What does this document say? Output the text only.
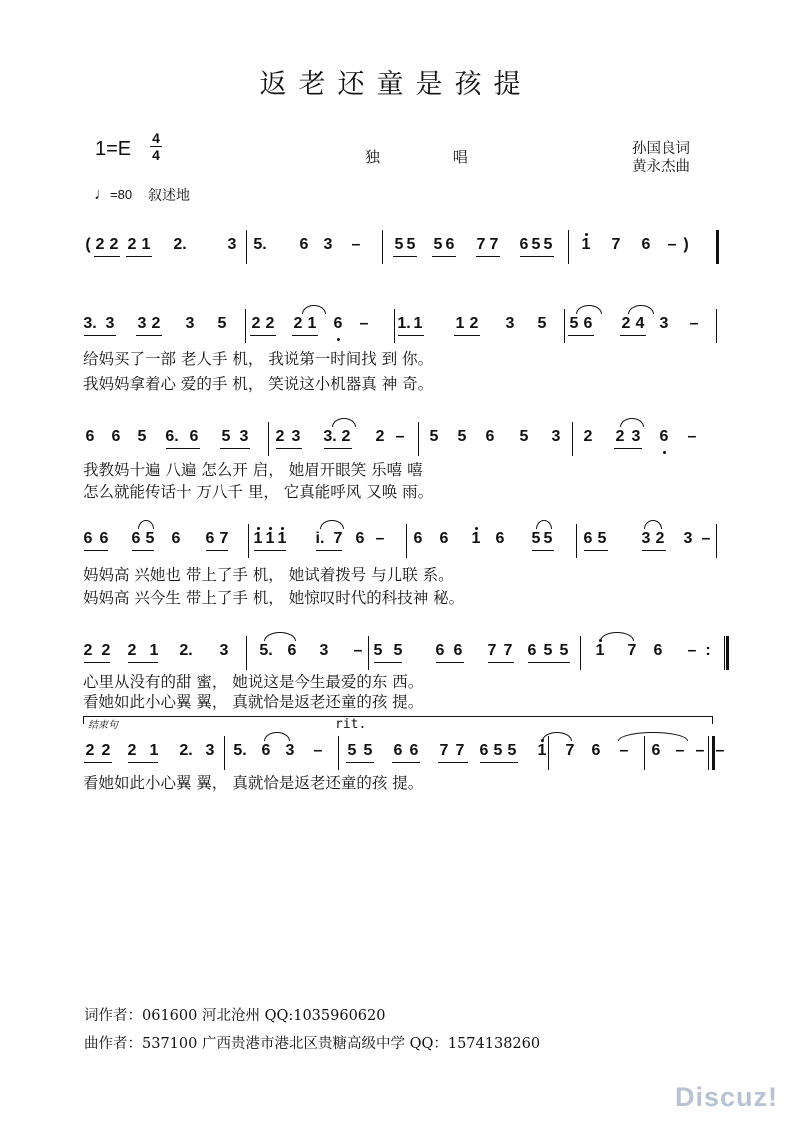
返老还童是孩提
1=E 4
4	独 唱	孙国良词
黄永杰曲
♩=80 叙述地
( 2 2 2 1 2.	3 5. 6 3 – 5 5 5 6 7 7 6 5 5 1 7 6 – )
3. 3 3 2 3 5 2 2 2 1 6 – 1. 1 1 2 3 5 5 6 2 4 3 –
给妈买了一部 老人手 机， 我说第一时间找 到 你。
我妈妈拿着心 爱的手 机， 笑说这小机器真 神 奇。
6 6 5 6. 6 5 3 2 3 3. 2 2 – 5 5 6 5 3 2 2 3 6 –
我教妈十遍 八遍 怎么开 启， 她眉开眼笑 乐嘻 嘻
怎么就能传话十 万八千 里， 它真能呼风 又唤 雨。
6 6 6 5 6 6 7 1 1 1 i. 7 6 – 6 6 1 6 5 5 6 5 3 2 3 –
妈妈高 兴她也 带上了手 机， 她试着拨号 与儿联 系。
妈妈高 兴今生 带上了手 机， 她惊叹时代的科技神 秘。
2 2 2 1 2. 3 5. 6 3 – 5 5 6 6 7 7 6 5 5 1 7 6 – :
心里从没有的甜 蜜， 她说这是今生最爱的东 西。
看她如此小心翼 翼， 真就恰是返老还童的孩 提。
结束句	rit.
2 2 2 1 2. 3 5. 6 3 – 5 5 6 6 7 7 6 5 5 1 7 6 – 6 – – –
看她如此小心翼 翼， 真就恰是返老还童的孩 提。
词作者：061600 河北沧州 QQ:1035960620
曲作者：537100 广西贵港市港北区贵糖高级中学 QQ：1574138260
Discuz!
